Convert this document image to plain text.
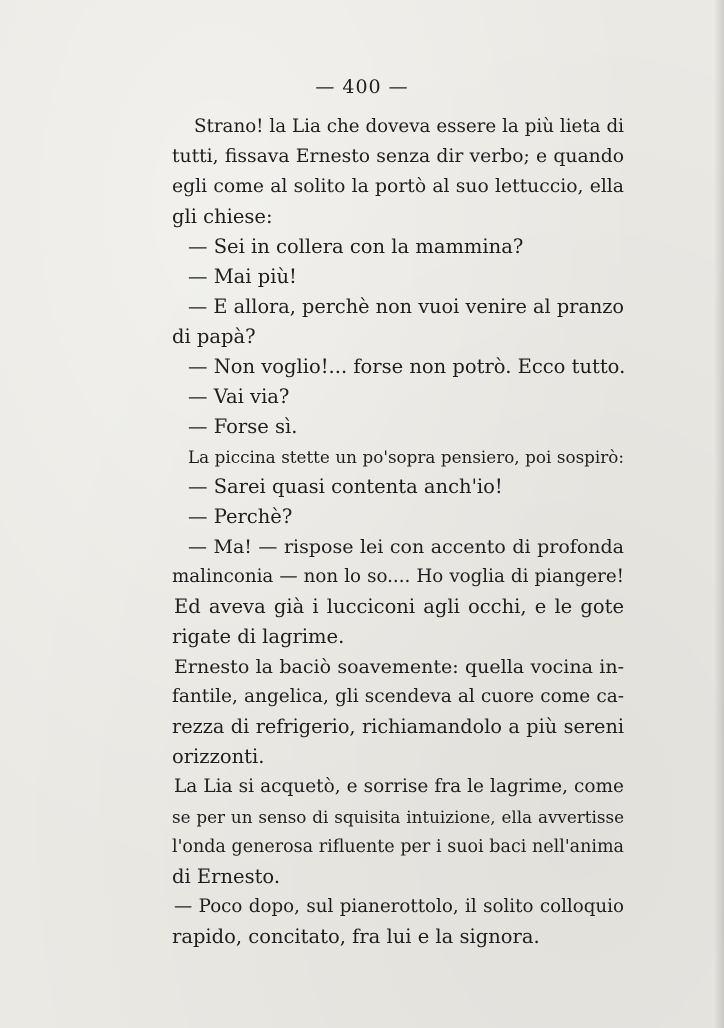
— 400 —
Strano! la Lia che doveva essere la più lieta di
tutti, fissava Ernesto senza dir verbo; e quando
egli come al solito la portò al suo lettuccio, ella
gli chiese:
— Sei in collera con la mammina?
— Mai più!
— E allora, perchè non vuoi venire al pranzo
di papà?
— Non voglio!... forse non potrò. Ecco tutto.
— Vai via?
— Forse sì.
La piccina stette un po'sopra pensiero, poi sospirò:
— Sarei quasi contenta anch'io!
— Perchè?
— Ma! — rispose lei con accento di profonda
malinconia — non lo so.... Ho voglia di piangere!
Ed aveva già i lucciconi agli occhi, e le gote
rigate di lagrime.
Ernesto la baciò soavemente: quella vocina in-
fantile, angelica, gli scendeva al cuore come ca-
rezza di refrigerio, richiamandolo a più sereni
orizzonti.
La Lia si acquetò, e sorrise fra le lagrime, come
se per un senso di squisita intuizione, ella avvertisse
l'onda generosa rifluente per i suoi baci nell'anima
di Ernesto.
— Poco dopo, sul pianerottolo, il solito colloquio
rapido, concitato, fra lui e la signora.
